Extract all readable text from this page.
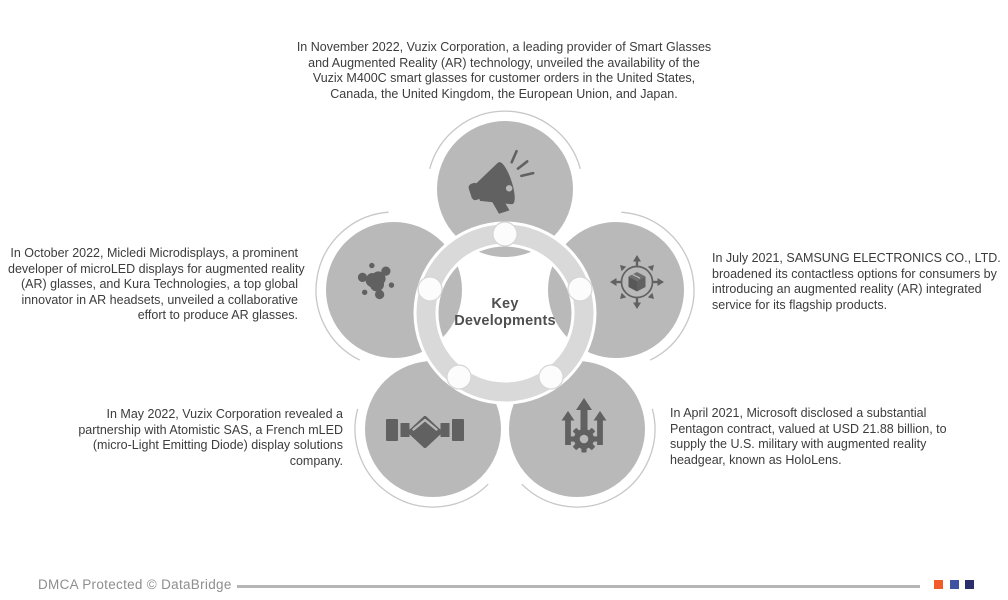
Key
Developments
In November 2022, Vuzix Corporation, a leading provider of Smart Glasses
and Augmented Reality (AR) technology, unveiled the availability of the
Vuzix M400C smart glasses for customer orders in the United States,
Canada, the United Kingdom, the European Union, and Japan.
In October 2022, Micledi Microdisplays, a prominent
developer of microLED displays for augmented reality
(AR) glasses, and Kura Technologies, a top global
innovator in AR headsets, unveiled a collaborative
effort to produce AR glasses.
In July 2021, SAMSUNG ELECTRONICS CO., LTD.
broadened its contactless options for consumers by
introducing an augmented reality (AR) integrated
service for its flagship products.
In May 2022, Vuzix Corporation revealed a
partnership with Atomistic SAS, a French mLED
(micro-Light Emitting Diode) display solutions
company.
In April 2021, Microsoft disclosed a substantial
Pentagon contract, valued at USD 21.88 billion, to
supply the U.S. military with augmented reality
headgear, known as HoloLens.
DMCA Protected © DataBridge
